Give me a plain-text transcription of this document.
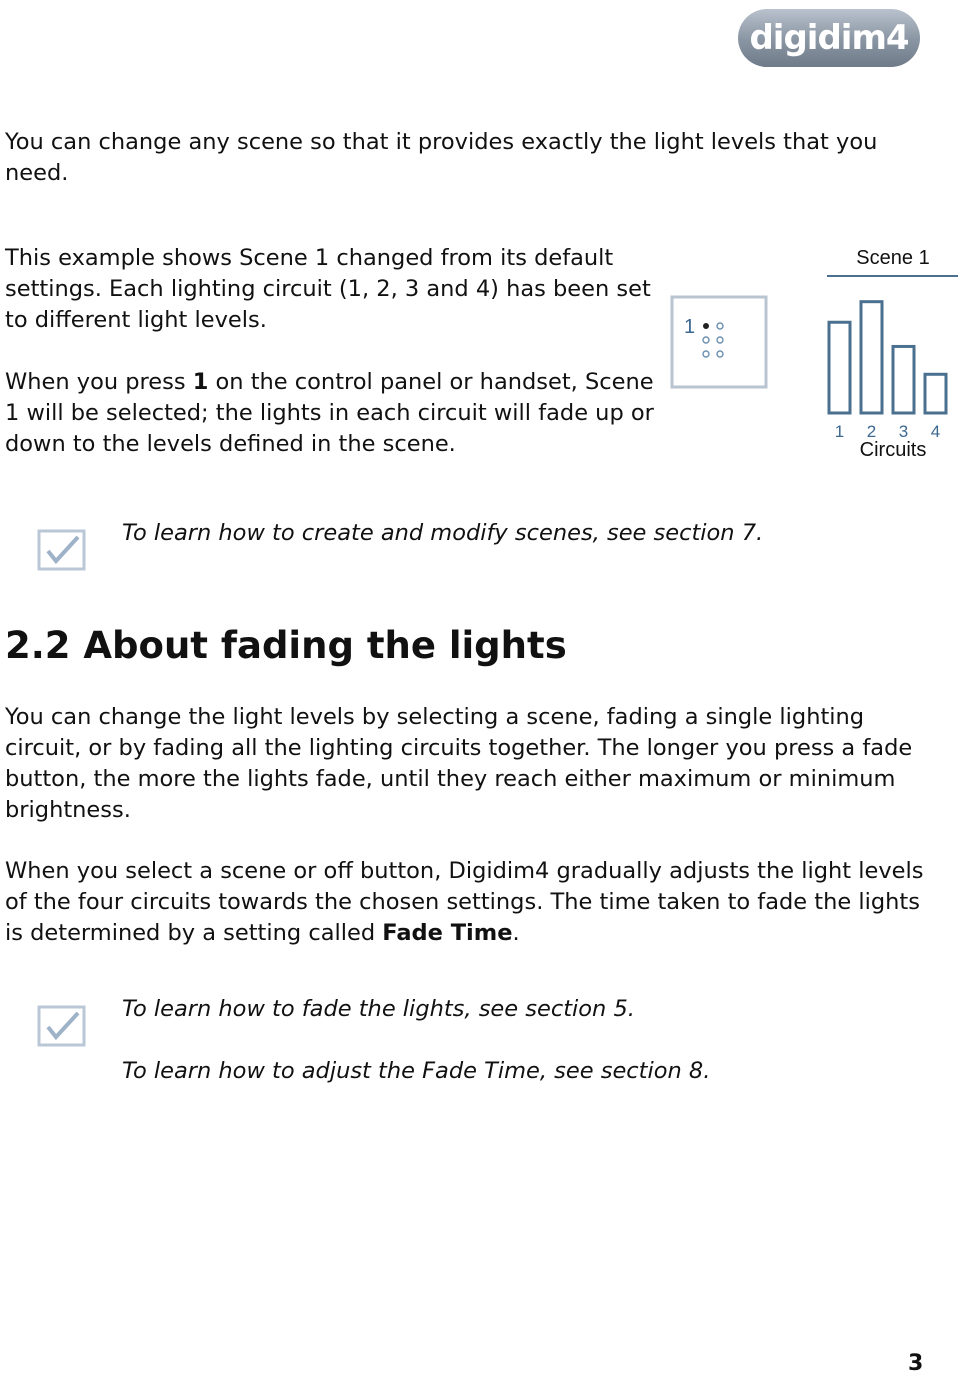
digidim4

You can change any scene so that it provides exactly the light levels that you need.

This example shows Scene 1 changed from its default settings. Each lighting circuit (1, 2, 3 and 4) has been set to different light levels.

When you press 1 on the control panel or handset, Scene 1 will be selected; the lights in each circuit will fade up or down to the levels defined in the scene.

1
Scene 1
1 2 3 4
Circuits

To learn how to create and modify scenes, see section 7.

2.2 About fading the lights

You can change the light levels by selecting a scene, fading a single lighting circuit, or by fading all the lighting circuits together. The longer you press a fade button, the more the lights fade, until they reach either maximum or minimum brightness.

When you select a scene or off button, Digidim4 gradually adjusts the light levels of the four circuits towards the chosen settings. The time taken to fade the lights is determined by a setting called Fade Time.

To learn how to fade the lights, see section 5.

To learn how to adjust the Fade Time, see section 8.

3
